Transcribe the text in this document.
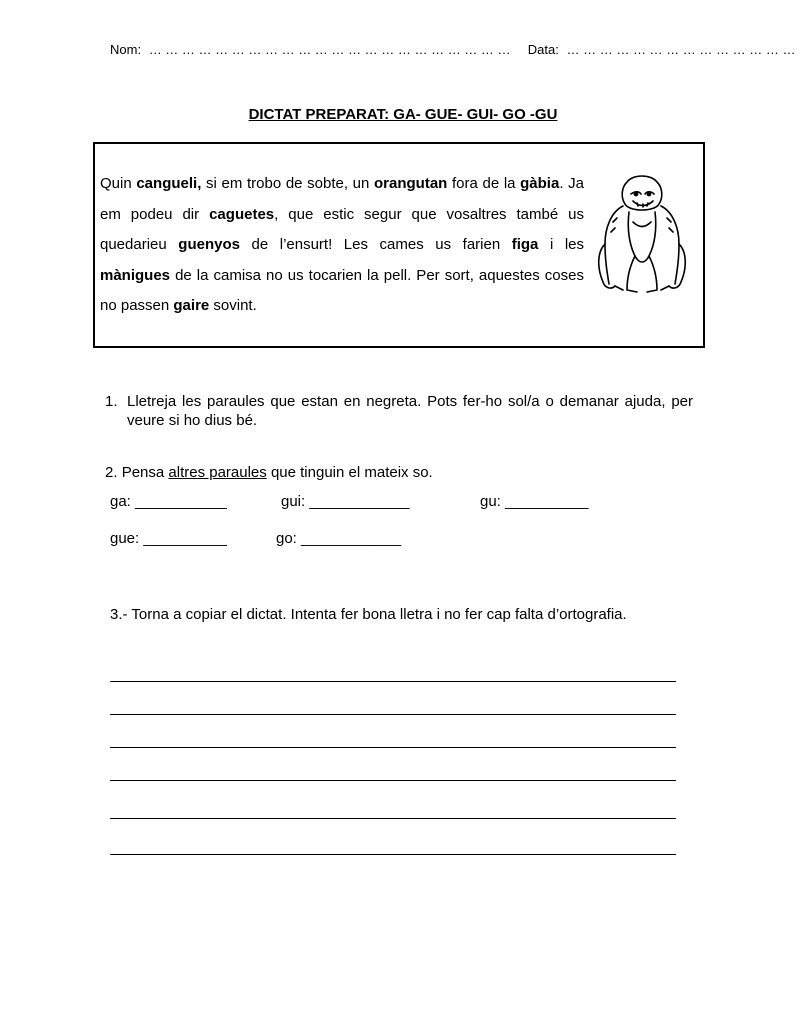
Nom: … … … … … … … … … … … … … … … … … … … … … … Data: … … … … … … … … … … … … … …
DICTAT PREPARAT: GA- GUE- GUI- GO -GU
Quin cangueli, si em trobo de sobte, un orangutan fora de la gàbia. Ja em podeu dir caguetes, que estic segur que vosaltres també us quedarieu guenyos de l’ensurt! Les cames us farien figa i les mànigues de la camisa no us tocarien la pell. Per sort, aquestes coses no passen gaire sovint.
1. Lletreja les paraules que estan en negreta. Pots fer-ho sol/a o demanar ajuda, per veure si ho dius bé.
2. Pensa altres paraules que tinguin el mateix so.
ga: ___________	gui: ____________	gu: __________
gue: __________	go: ____________
3.- Torna a copiar el dictat. Intenta fer bona lletra i no fer cap falta d’ortografia.
